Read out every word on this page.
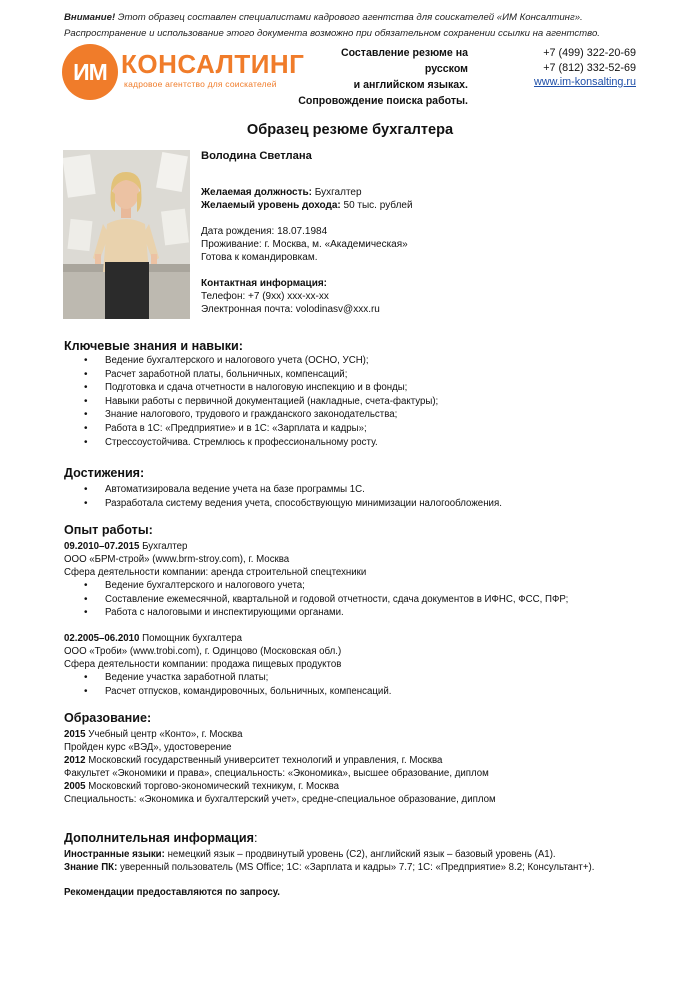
Внимание! Этот образец составлен специалистами кадрового агентства для соискателей «ИМ Консалтинг».
Распространение и использование этого документа возможно при обязательном сохранении ссылки на агентство.
ИМ КОНСАЛТИНГ
кадровое агентство для соискателей
Составление резюме на русском
и английском языках.
Сопровождение поиска работы.
+7 (499) 322-20-69
+7 (812) 332-52-69
www.im-konsalting.ru
Образец резюме бухгалтера
Володина Светлана
Желаемая должность: Бухгалтер
Желаемый уровень дохода: 50 тыс. рублей
Дата рождения: 18.07.1984
Проживание: г. Москва, м. «Академическая»
Готова к командировкам.
Контактная информация:
Телефон: +7 (9хх) ххх-хх-хх
Электронная почта: volodinasv@xxx.ru
Ключевые знания и навыки:
• Ведение бухгалтерского и налогового учета (ОСНО, УСН);
• Расчет заработной платы, больничных, компенсаций;
• Подготовка и сдача отчетности в налоговую инспекцию и в фонды;
• Навыки работы с первичной документацией (накладные, счета-фактуры);
• Знание налогового, трудового и гражданского законодательства;
• Работа в 1С: «Предприятие» и в 1С: «Зарплата и кадры»;
• Стрессоустойчива. Стремлюсь к профессиональному росту.
Достижения:
• Автоматизировала ведение учета на базе программы 1С.
• Разработала систему ведения учета, способствующую минимизации налогообложения.
Опыт работы:
09.2010–07.2015 Бухгалтер
ООО «БРМ-строй» (www.brm-stroy.com), г. Москва
Сфера деятельности компании: аренда строительной спецтехники
• Ведение бухгалтерского и налогового учета;
• Составление ежемесячной, квартальной и годовой отчетности, сдача документов в ИФНС, ФСС, ПФР;
• Работа с налоговыми и инспектирующими органами.
02.2005–06.2010 Помощник бухгалтера
ООО «Троби» (www.trobi.com), г. Одинцово (Московская обл.)
Сфера деятельности компании: продажа пищевых продуктов
• Ведение участка заработной платы;
• Расчет отпусков, командировочных, больничных, компенсаций.
Образование:
2015 Учебный центр «Конто», г. Москва
Пройден курс «ВЭД», удостоверение
2012 Московский государственный университет технологий и управления, г. Москва
Факультет «Экономики и права», специальность: «Экономика», высшее образование, диплом
2005 Московский торгово-экономический техникум, г. Москва
Специальность: «Экономика и бухгалтерский учет», средне-специальное образование, диплом
Дополнительная информация:
Иностранные языки: немецкий язык – продвинутый уровень (С2), английский язык – базовый уровень (А1).
Знание ПК: уверенный пользователь (MS Office; 1С: «Зарплата и кадры» 7.7; 1С: «Предприятие» 8.2; Консультант+).
Рекомендации предоставляются по запросу.
